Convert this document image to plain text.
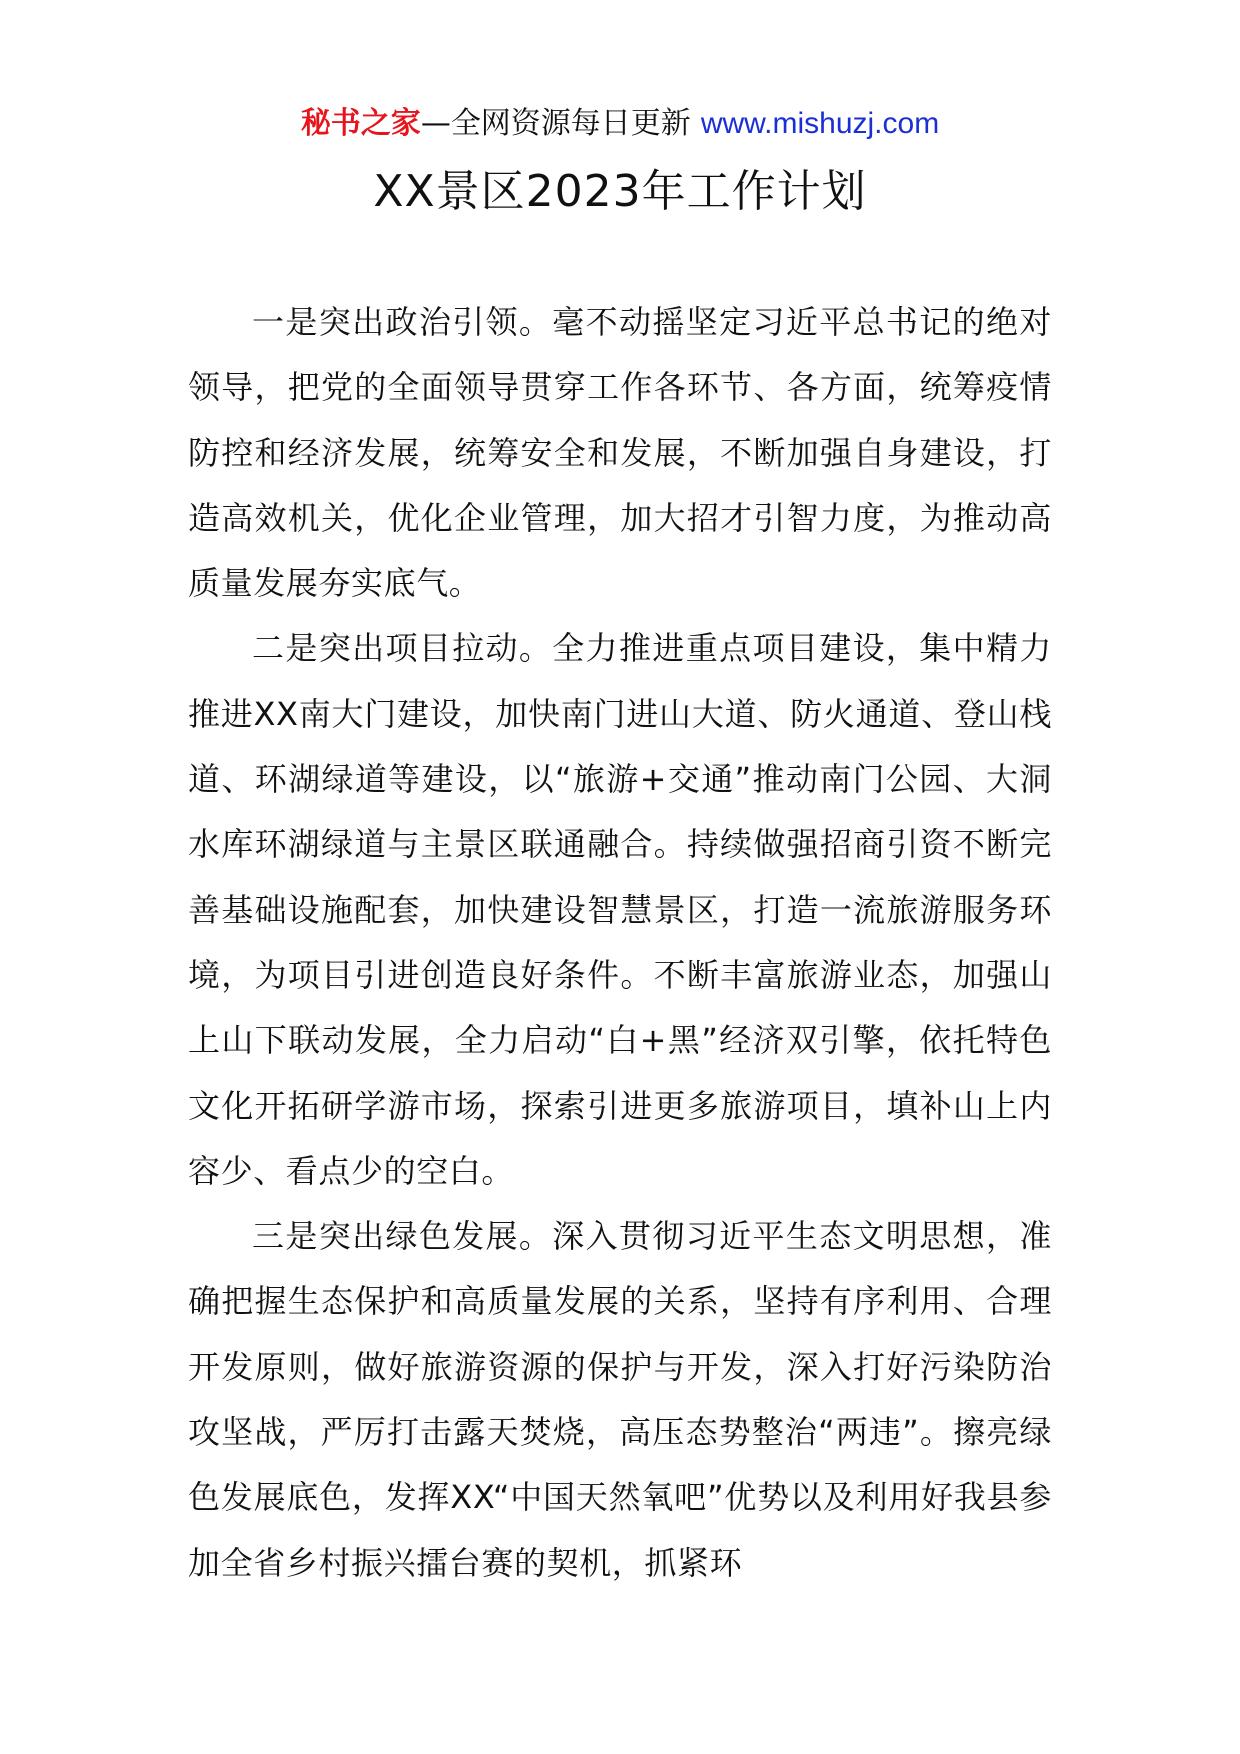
秘书之家—全网资源每日更新 www.mishuzj.com
XX景区2023年工作计划

一是突出政治引领。毫不动摇坚定习近平总书记的绝对领导，把党的全面领导贯穿工作各环节、各方面，统筹疫情防控和经济发展，统筹安全和发展，不断加强自身建设，打造高效机关，优化企业管理，加大招才引智力度，为推动高质量发展夯实底气。

二是突出项目拉动。全力推进重点项目建设，集中精力推进XX南大门建设，加快南门进山大道、防火通道、登山栈道、环湖绿道等建设，以“旅游+交通”推动南门公园、大洞水库环湖绿道与主景区联通融合。持续做强招商引资不断完善基础设施配套，加快建设智慧景区，打造一流旅游服务环境，为项目引进创造良好条件。不断丰富旅游业态，加强山上山下联动发展，全力启动“白+黑”经济双引擎，依托特色文化开拓研学游市场，探索引进更多旅游项目，填补山上内容少、看点少的空白。

三是突出绿色发展。深入贯彻习近平生态文明思想，准确把握生态保护和高质量发展的关系，坚持有序利用、合理开发原则，做好旅游资源的保护与开发，深入打好污染防治攻坚战，严厉打击露天焚烧，高压态势整治“两违”。擦亮绿色发展底色，发挥XX“中国天然氧吧”优势以及利用好我县参加全省乡村振兴擂台赛的契机，抓紧环
